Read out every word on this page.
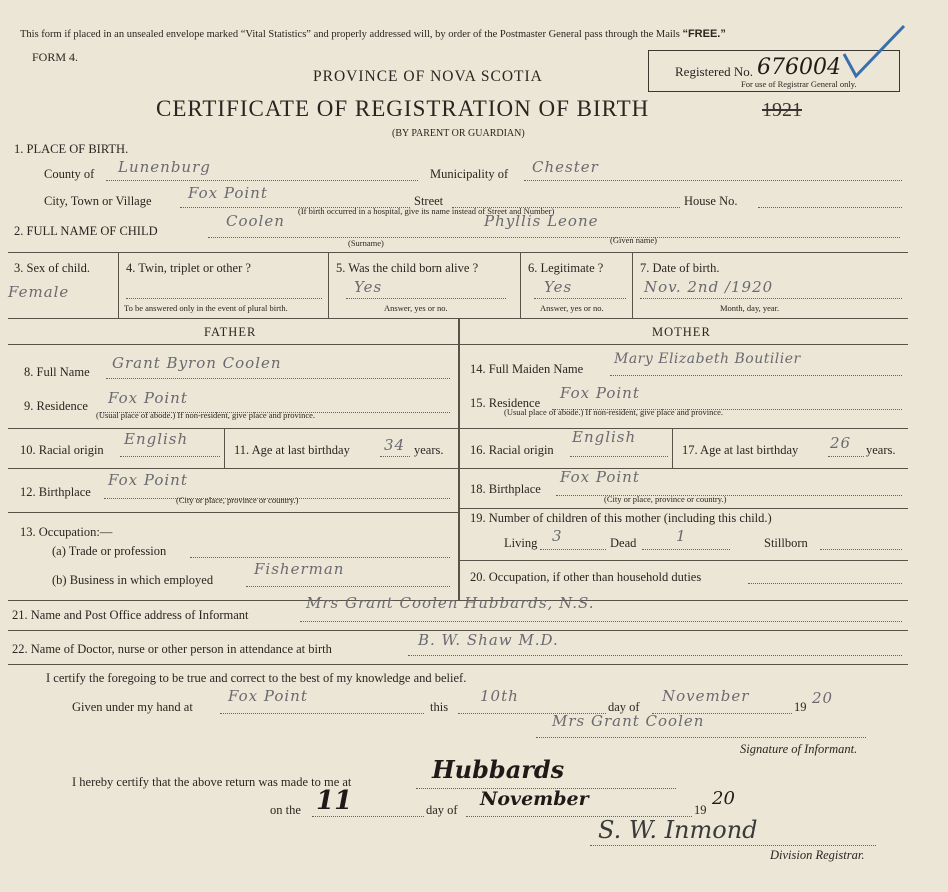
This form if placed in an unsealed envelope marked “Vital Statistics” and properly addressed will, by order of the Postmaster General pass through the Mails “FREE.”
FORM 4.
PROVINCE OF NOVA SCOTIA	Registered No. 676004
For use of Registrar General only.
CERTIFICATE OF REGISTRATION OF BIRTH	1921
(BY PARENT OR GUARDIAN)
1. PLACE OF BIRTH.
County of Lunenburg	Municipality of Chester
City, Town or Village Fox Point	Street	House No.
(If birth occurred in a hospital, give its name instead of Street and Number)
2. FULL NAME OF CHILD
Coolen	Phyllis Leone
(Surname)	(Given name)
3. Sex of child.
Female
4. Twin, triplet or other ?
To be answered only in the event of plural birth.
5. Was the child born alive ?
Yes
Answer, yes or no.
6. Legitimate ?
Yes
Answer, yes or no.
7. Date of birth.
Nov. 2nd /1920
Month, day, year.
FATHER	MOTHER
8. Full Name Grant Byron Coolen
9. Residence Fox Point
(Usual place of abode.) If non-resident, give place and province.
10. Racial origin
English
11. Age at last birthday 34 years.
12. Birthplace
Fox Point
(City or place, province or country.)
13. Occupation:—
(a) Trade or profession
(b) Business in which employed
Fisherman
14. Full Maiden Name
Mary Elizabeth Boutilier
15. Residence
Fox Point
(Usual place of abode.) If non-resident, give place and province.
16. Racial origin
English
17. Age at last birthday 26 years.
18. Birthplace
Fox Point
(City or place, province or country.)
19. Number of children of this mother (including this child.)
Living 3	Dead	1	Stillborn
20. Occupation, if other than household duties
21. Name and Post Office address of Informant
Mrs Grant Coolen Hubbards, N.S.
22. Name of Doctor, nurse or other person in attendance at birth	B. W. Shaw M.D.
I certify the foregoing to be true and correct to the best of my knowledge and belief.
Given under my hand at
Fox Point
this
10th
day of
November
19 20
Mrs Grant Coolen
Signature of Informant.
I hereby certify that the above return was made to me at	Hubbards
on the 11	day of November	19
20
S. W. Inmond
Division Registrar.
